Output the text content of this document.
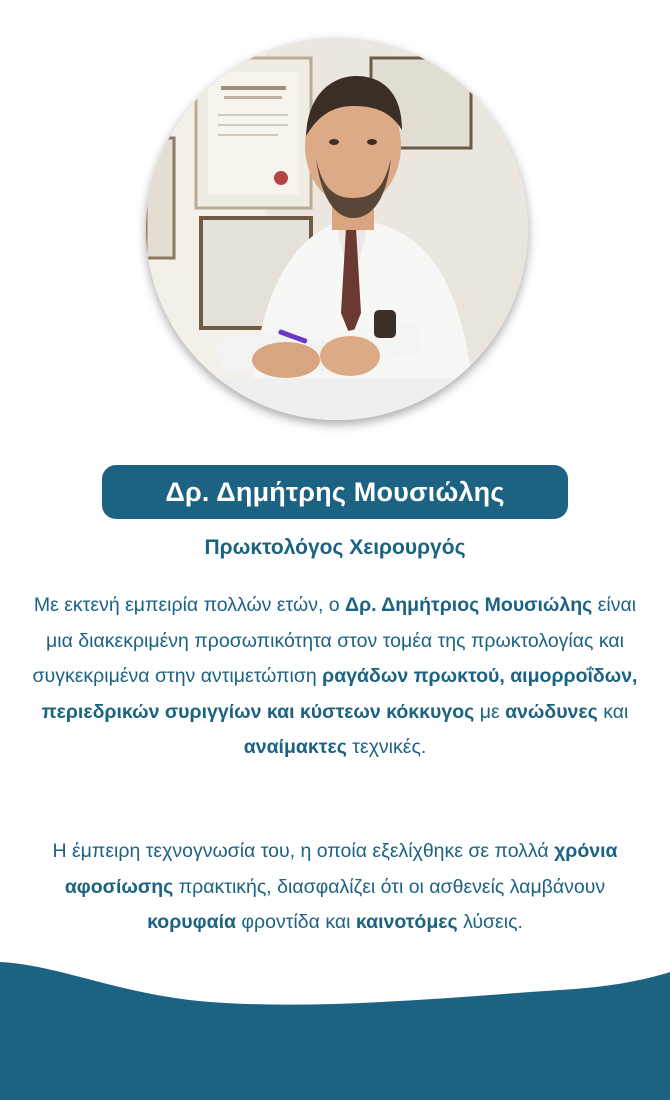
Δρ. Δημήτρης Μουσιώλης
Πρωκτολόγος Χειρουργός
Με εκτενή εμπειρία πολλών ετών, ο Δρ. Δημήτριος Μουσιώλης είναι μια διακεκριμένη προσωπικότητα στον τομέα της πρωκτολογίας και συγκεκριμένα στην αντιμετώπιση ραγάδων πρωκτού, αιμορροΐδων, περιεδρικών συριγγίων και κύστεων κόκκυγος με ανώδυνες και αναίμακτες τεχνικές.
Η έμπειρη τεχνογνωσία του, η οποία εξελίχθηκε σε πολλά χρόνια αφοσίωσης πρακτικής, διασφαλίζει ότι οι ασθενείς λαμβάνουν κορυφαία φροντίδα και καινοτόμες λύσεις.
